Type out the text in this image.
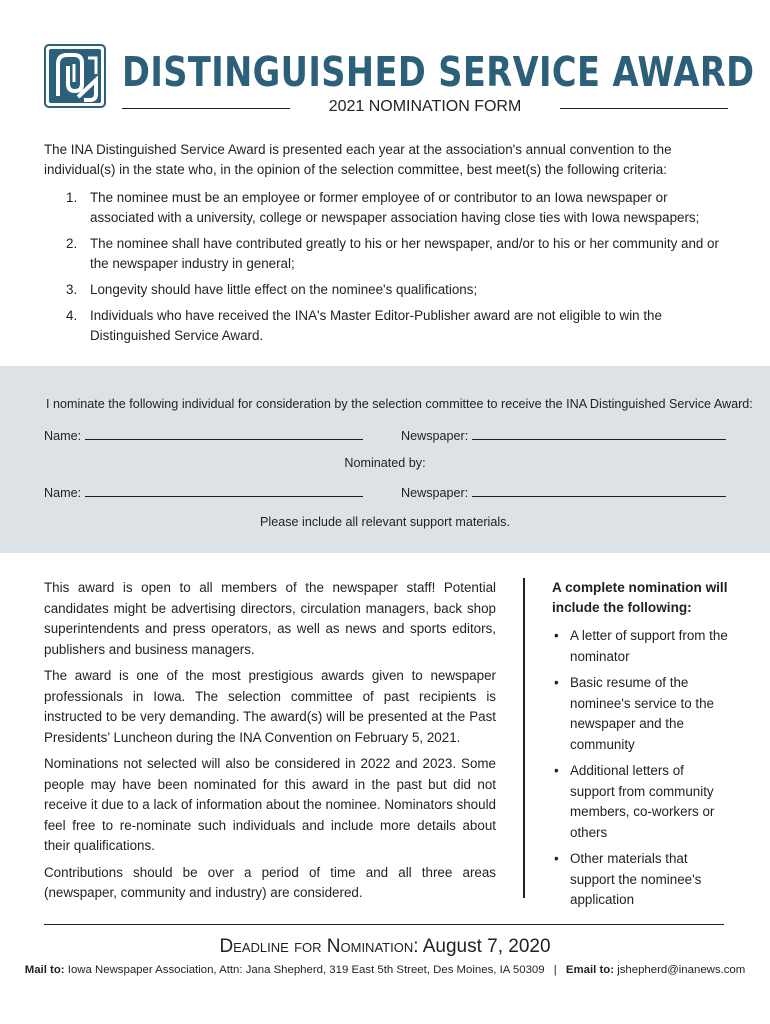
DISTINGUISHED SERVICE AWARD
2021 NOMINATION FORM

The INA Distinguished Service Award is presented each year at the association's annual convention to the individual(s) in the state who, in the opinion of the selection committee, best meet(s) the following criteria:

1. The nominee must be an employee or former employee of or contributor to an Iowa newspaper or associated with a university, college or newspaper association having close ties with Iowa newspapers;
2. The nominee shall have contributed greatly to his or her newspaper, and/or to his or her community and or the newspaper industry in general;
3. Longevity should have little effect on the nominee's qualifications;
4. Individuals who have received the INA's Master Editor-Publisher award are not eligible to win the Distinguished Service Award.
I nominate the following individual for consideration by the selection committee to receive the INA Distinguished Service Award:
Name:	Newspaper:
Nominated by:
Name:	Newspaper:
Please include all relevant support materials.

This award is open to all members of the newspaper staff! Potential candidates might be advertising directors, circulation managers, back shop superintendents and press operators, as well as news and sports editors, publishers and business managers.

The award is one of the most prestigious awards given to newspaper professionals in Iowa. The selection committee of past recipients is instructed to be very demanding. The award(s) will be presented at the Past Presidents’ Luncheon during the INA Convention on February 5, 2021.

Nominations not selected will also be considered in 2022 and 2023. Some people may have been nominated for this award in the past but did not receive it due to a lack of information about the nominee. Nominators should feel free to re-nominate such individuals and include more details about their qualifications.

Contributions should be over a period of time and all three areas (newspaper, community and industry) are considered.

A complete nomination will include the following:
• A letter of support from the nominator
• Basic resume of the nominee's service to the newspaper and the community
• Additional letters of support from community members, co-workers or others
• Other materials that support the nominee's application
Deadline for Nomination: August 7, 2020
Mail to: Iowa Newspaper Association, Attn: Jana Shepherd, 319 East 5th Street, Des Moines, IA 50309 | Email to: jshepherd@inanews.com
